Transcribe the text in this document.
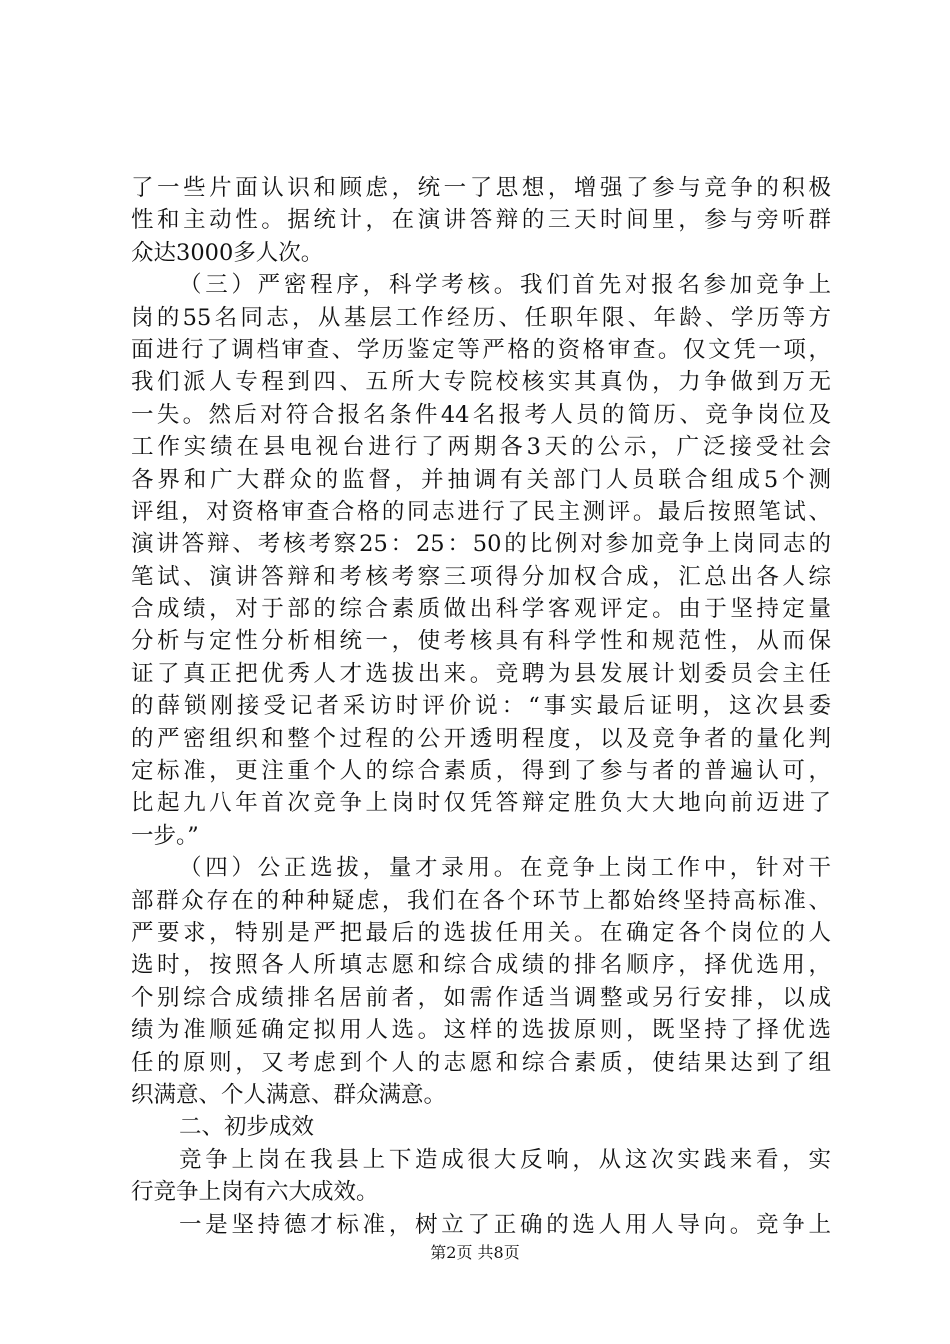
了一些片面认识和顾虑，统一了思想，增强了参与竞争的积极
性和主动性。据统计，在演讲答辩的三天时间里，参与旁听群
众达3000多人次。
（三）严密程序，科学考核。我们首先对报名参加竞争上
岗的55名同志，从基层工作经历、任职年限、年龄、学历等方
面进行了调档审查、学历鉴定等严格的资格审查。仅文凭一项，
我们派人专程到四、五所大专院校核实其真伪，力争做到万无
一失。然后对符合报名条件44名报考人员的简历、竞争岗位及
工作实绩在县电视台进行了两期各3天的公示，广泛接受社会
各界和广大群众的监督，并抽调有关部门人员联合组成5个测
评组，对资格审查合格的同志进行了民主测评。最后按照笔试、
演讲答辩、考核考察25：25：50的比例对参加竞争上岗同志的
笔试、演讲答辩和考核考察三项得分加权合成，汇总出各人综
合成绩，对于部的综合素质做出科学客观评定。由于坚持定量
分析与定性分析相统一，使考核具有科学性和规范性，从而保
证了真正把优秀人才选拔出来。竞聘为县发展计划委员会主任
的薛锁刚接受记者采访时评价说：“事实最后证明，这次县委
的严密组织和整个过程的公开透明程度，以及竞争者的量化判
定标准，更注重个人的综合素质，得到了参与者的普遍认可，
比起九八年首次竞争上岗时仅凭答辩定胜负大大地向前迈进了
一步。”
（四）公正选拔，量才录用。在竞争上岗工作中，针对干
部群众存在的种种疑虑，我们在各个环节上都始终坚持高标准、
严要求，特别是严把最后的选拔任用关。在确定各个岗位的人
选时，按照各人所填志愿和综合成绩的排名顺序，择优选用，
个别综合成绩排名居前者，如需作适当调整或另行安排，以成
绩为准顺延确定拟用人选。这样的选拔原则，既坚持了择优选
任的原则，又考虑到个人的志愿和综合素质，使结果达到了组
织满意、个人满意、群众满意。
二、初步成效
竞争上岗在我县上下造成很大反响，从这次实践来看，实
行竞争上岗有六大成效。
一是坚持德才标准，树立了正确的选人用人导向。竞争上
第2页 共8页
